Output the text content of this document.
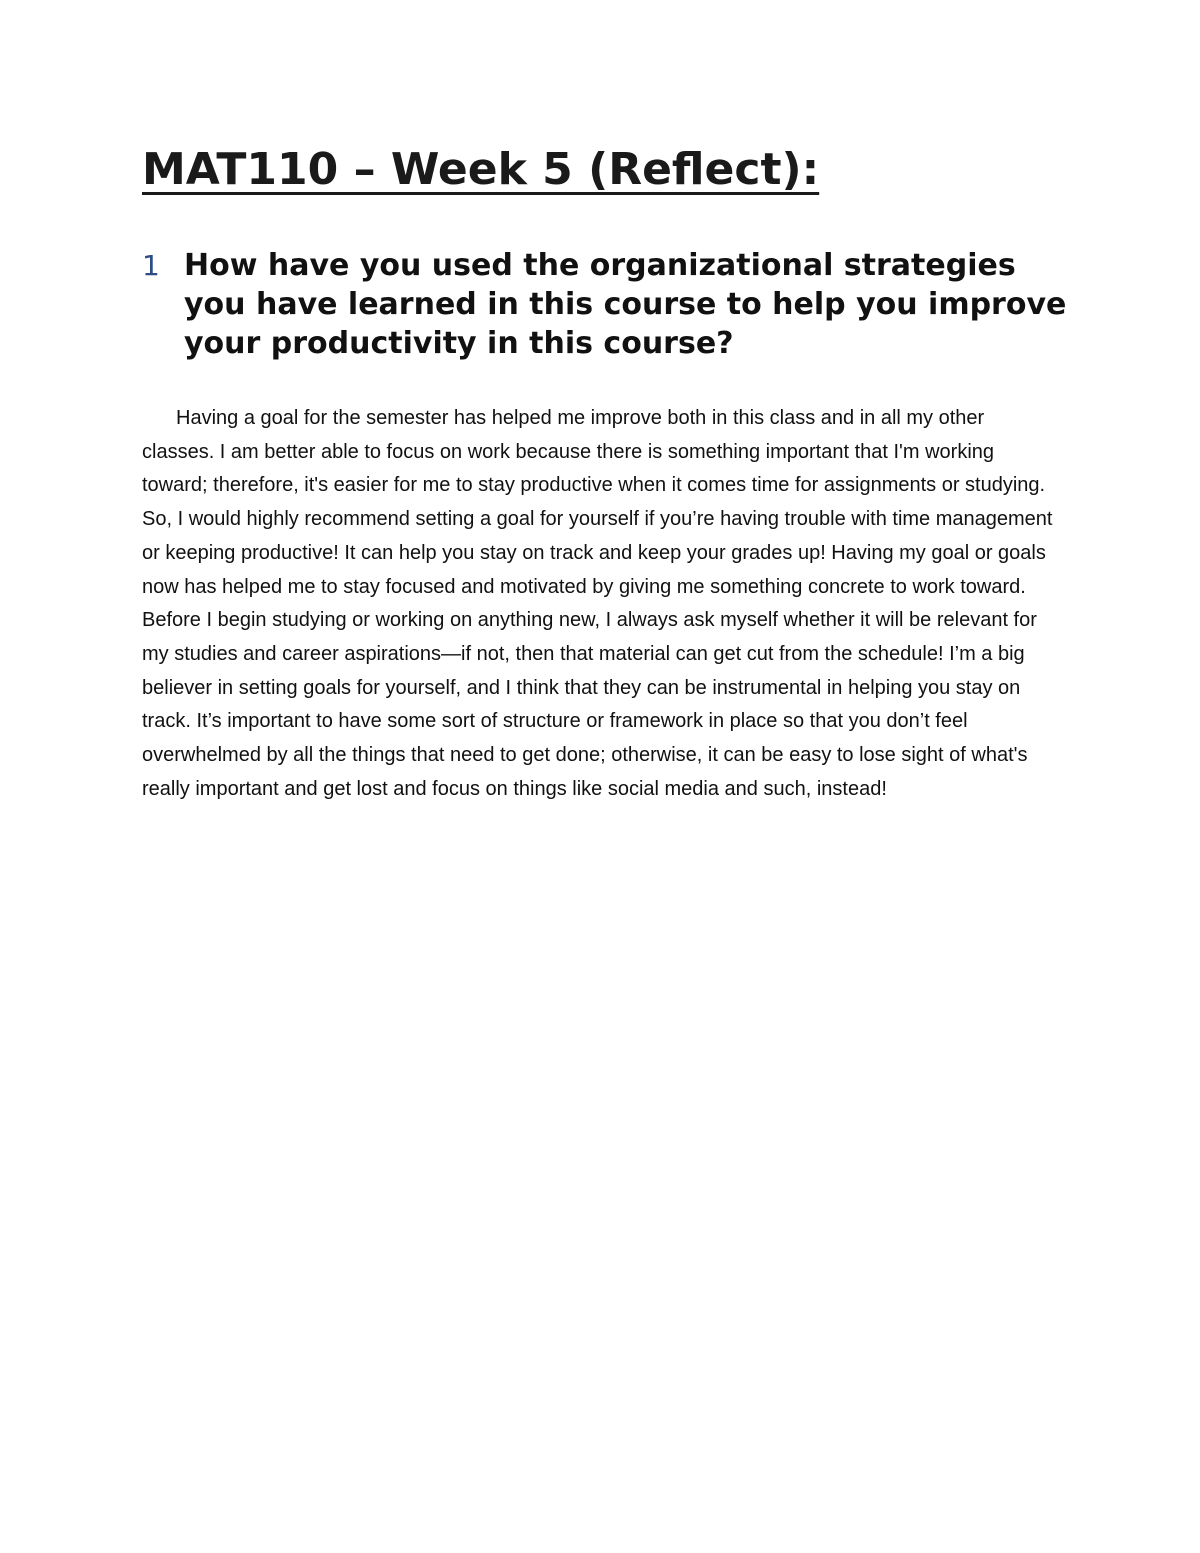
MAT110 – Week 5 (Reflect):
1 How have you used the organizational strategies you have learned in this course to help you improve your productivity in this course?

Having a goal for the semester has helped me improve both in this class and in all my other classes. I am better able to focus on work because there is something important that I'm working toward; therefore, it's easier for me to stay productive when it comes time for assignments or studying. So, I would highly recommend setting a goal for yourself if you’re having trouble with time management or keeping productive! It can help you stay on track and keep your grades up! Having my goal or goals now has helped me to stay focused and motivated by giving me something concrete to work toward. Before I begin studying or working on anything new, I always ask myself whether it will be relevant for my studies and career aspirations—if not, then that material can get cut from the schedule! I’m a big believer in setting goals for yourself, and I think that they can be instrumental in helping you stay on track. It’s important to have some sort of structure or framework in place so that you don’t feel overwhelmed by all the things that need to get done; otherwise, it can be easy to lose sight of what's really important and get lost and focus on things like social media and such, instead!
